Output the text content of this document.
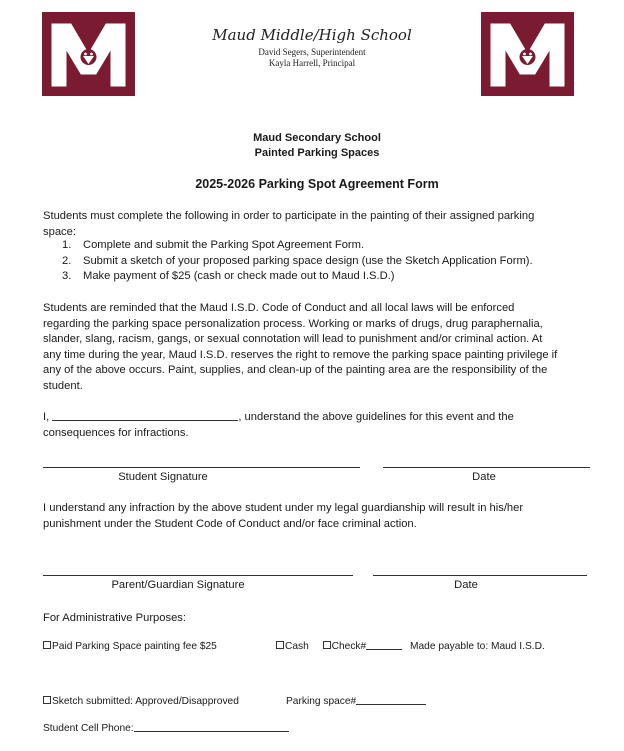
Maud Middle/High School
David Segers, Superintendent
Kayla Harrell, Principal
Maud Secondary School
Painted Parking Spaces
2025-2026 Parking Spot Agreement Form
Students must complete the following in order to participate in the painting of their assigned parking
space:
1. Complete and submit the Parking Spot Agreement Form.
2. Submit a sketch of your proposed parking space design (use the Sketch Application Form).
3. Make payment of $25 (cash or check made out to Maud I.S.D.)
Students are reminded that the Maud I.S.D. Code of Conduct and all local laws will be enforced
regarding the parking space personalization process. Working or marks of drugs, drug paraphernalia,
slander, slang, racism, gangs, or sexual connotation will lead to punishment and/or criminal action. At
any time during the year, Maud I.S.D. reserves the right to remove the parking space painting privilege if
any of the above occurs. Paint, supplies, and clean-up of the painting area are the responsibility of the
student.
I,	, understand the above guidelines for this event and the
consequences for infractions.
Student Signature	Date
I understand any infraction by the above student under my legal guardianship will result in his/her
punishment under the Student Code of Conduct and/or face criminal action.
Parent/Guardian Signature	Date
For Administrative Purposes:
Paid Parking Space painting fee $25	Cash Check#	Made payable to: Maud I.S.D.
Sketch submitted: Approved/Disapproved	Parking space#
Student Cell Phone:
